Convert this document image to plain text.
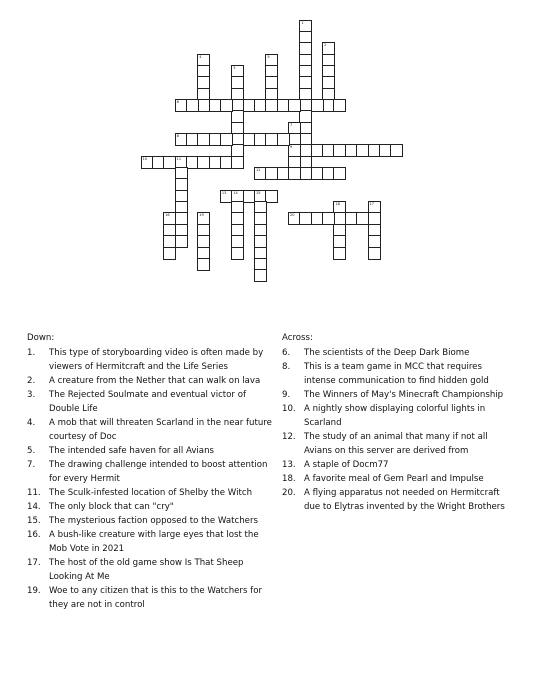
1
2
3
4	5
6
7
9
8
10	11
12
13 14	15
16
17
18
19	20
Down:
1. This type of storyboarding video is often made by viewers of Hermitcraft and the Life Series
2. A creature from the Nether that can walk on lava
3. The Rejected Soulmate and eventual victor of Double Life
4. A mob that will threaten Scarland in the near future courtesy of Doc
5. The intended safe haven for all Avians
7. The drawing challenge intended to boost attention for every Hermit
11. The Sculk-infested location of Shelby the Witch
14. The only block that can "cry"
15. The mysterious faction opposed to the Watchers
16. A bush-like creature with large eyes that lost the Mob Vote in 2021
17. The host of the old game show Is That Sheep Looking At Me
19. Woe to any citizen that is this to the Watchers for they are not in control
Across:
6. The scientists of the Deep Dark Biome
8. This is a team game in MCC that requires intense communication to find hidden gold
9. The Winners of May's Minecraft Championship
10. A nightly show displaying colorful lights in Scarland
12. The study of an animal that many if not all Avians on this server are derived from
13. A staple of Docm77
18. A favorite meal of Gem Pearl and Impulse
20. A flying apparatus not needed on Hermitcraft due to Elytras invented by the Wright Brothers
